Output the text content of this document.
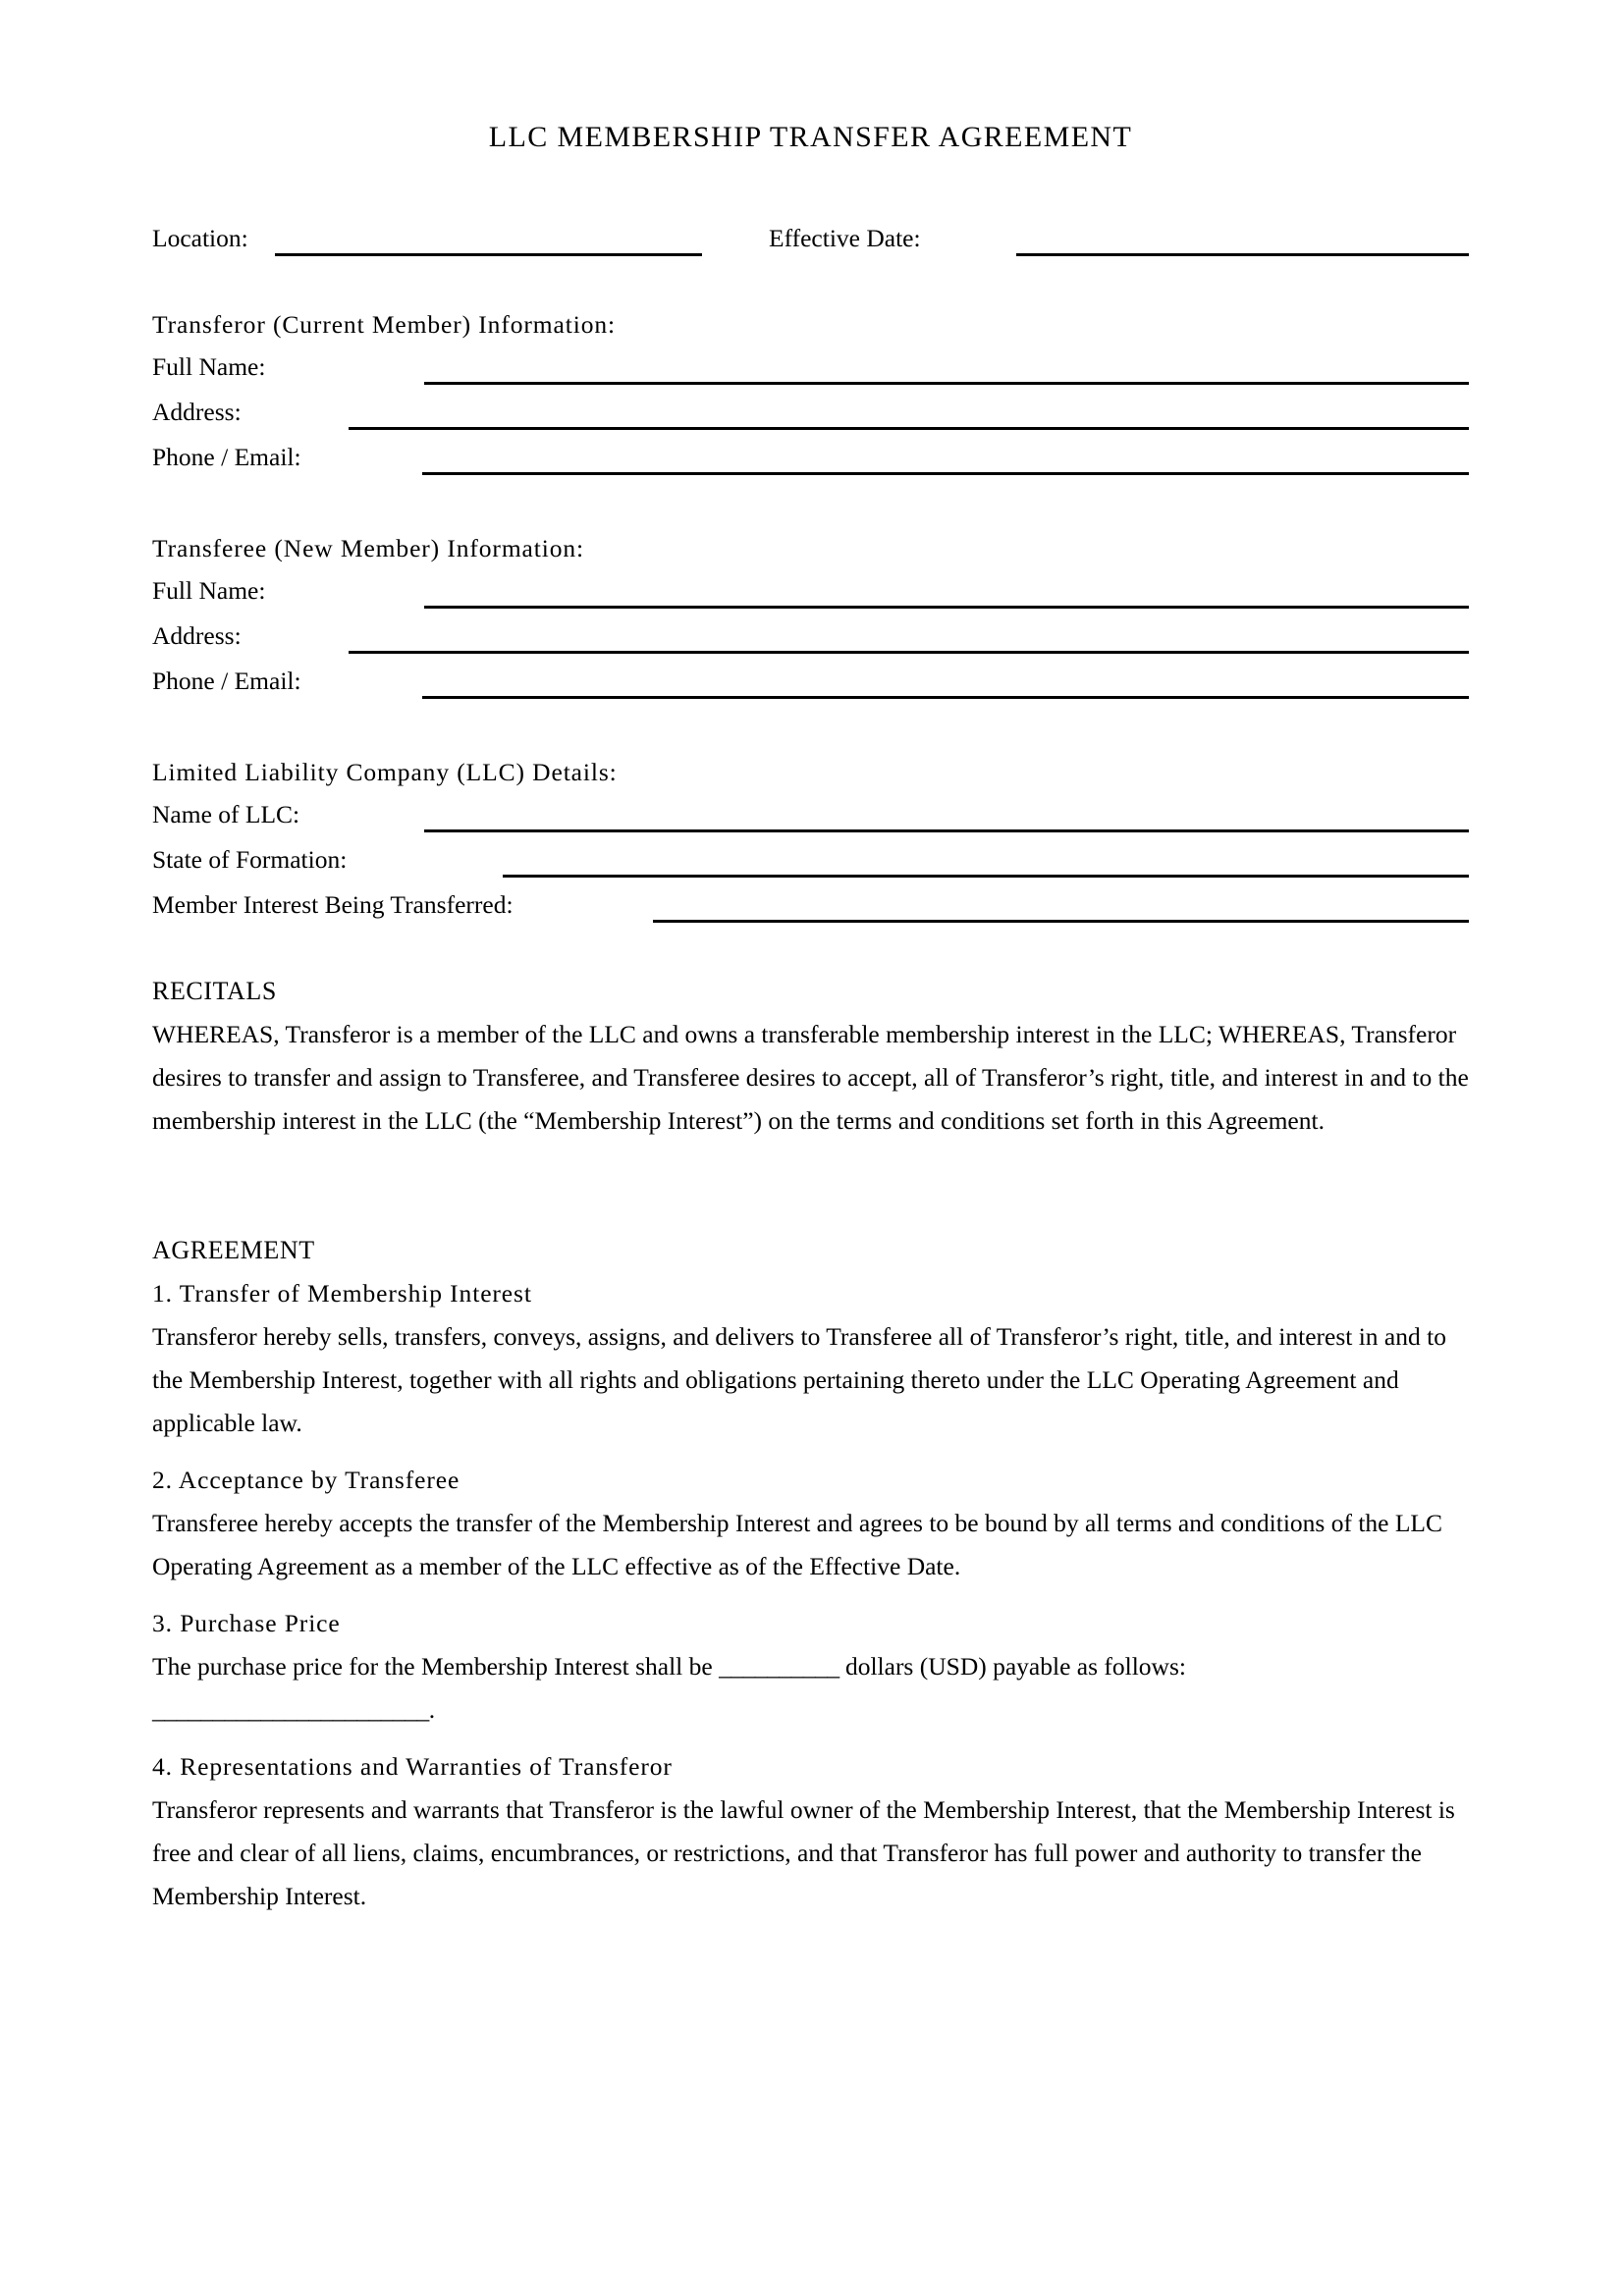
LLC MEMBERSHIP TRANSFER AGREEMENT
Location:	Effective Date:
Transferor (Current Member) Information:
Full Name:
Address:
Phone / Email:
Transferee (New Member) Information:
Full Name:
Address:
Phone / Email:
Limited Liability Company (LLC) Details:
Name of LLC:
State of Formation:
Member Interest Being Transferred:
RECITALS

WHEREAS, Transferor is a member of the LLC and owns a transferable membership interest in the LLC; WHEREAS, Transferor desires to transfer and assign to Transferee, and Transferee desires to accept, all of Transferor’s right, title, and interest in and to the membership interest in the LLC (the “Membership Interest”) on the terms and conditions set forth in this Agreement.

AGREEMENT
1. Transfer of Membership Interest

Transferor hereby sells, transfers, conveys, assigns, and delivers to Transferee all of Transferor’s right, title, and interest in and to the Membership Interest, together with all rights and obligations pertaining thereto under the LLC Operating Agreement and applicable law.

2. Acceptance by Transferee

Transferee hereby accepts the transfer of the Membership Interest and agrees to be bound by all terms and conditions of the LLC Operating Agreement as a member of the LLC effective as of the Effective Date.

3. Purchase Price

The purchase price for the Membership Interest shall be __________ dollars (USD) payable as follows:
_______________________.

4. Representations and Warranties of Transferor

Transferor represents and warrants that Transferor is the lawful owner of the Membership Interest, that the Membership Interest is free and clear of all liens, claims, encumbrances, or restrictions, and that Transferor has full power and authority to transfer the Membership Interest.
